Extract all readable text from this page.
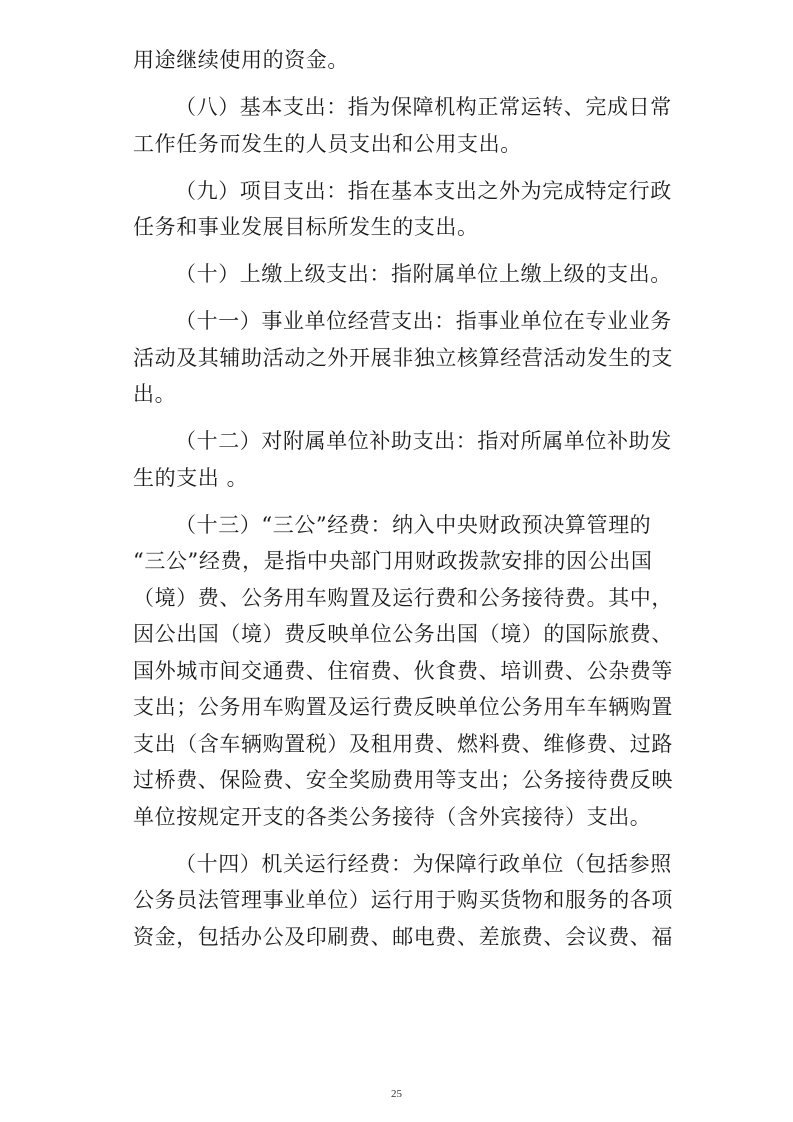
用途继续使用的资金。
（八）基本支出：指为保障机构正常运转、完成日常
工作任务而发生的人员支出和公用支出。
（九）项目支出：指在基本支出之外为完成特定行政
任务和事业发展目标所发生的支出。
（十）上缴上级支出：指附属单位上缴上级的支出。
（十一）事业单位经营支出：指事业单位在专业业务
活动及其辅助活动之外开展非独立核算经营活动发生的支
出。
（十二）对附属单位补助支出：指对所属单位补助发
生的支出 。
（十三）“三公”经费：纳入中央财政预决算管理的
“三公”经费，是指中央部门用财政拨款安排的因公出国
（境）费、公务用车购置及运行费和公务接待费。其中，
因公出国（境）费反映单位公务出国（境）的国际旅费、
国外城市间交通费、住宿费、伙食费、培训费、公杂费等
支出；公务用车购置及运行费反映单位公务用车车辆购置
支出（含车辆购置税）及租用费、燃料费、维修费、过路
过桥费、保险费、安全奖励费用等支出；公务接待费反映
单位按规定开支的各类公务接待（含外宾接待）支出。
（十四）机关运行经费：为保障行政单位（包括参照
公务员法管理事业单位）运行用于购买货物和服务的各项
资金，包括办公及印刷费、邮电费、差旅费、会议费、福
25
